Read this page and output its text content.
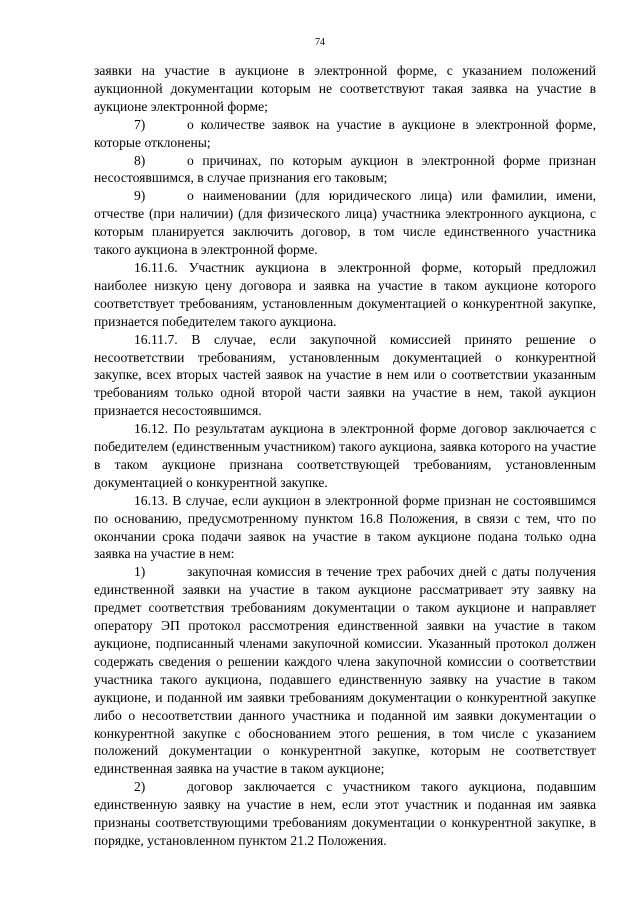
74

заявки на участие в аукционе в электронной форме, с указанием положений аукционной документации которым не соответствуют такая заявка на участие в аукционе электронной форме;

7)	о количестве заявок на участие в аукционе в электронной форме, которые отклонены;

8)	о причинах, по которым аукцион в электронной форме признан несостоявшимся, в случае признания его таковым;

9)	о наименовании (для юридического лица) или фамилии, имени, отчестве (при наличии) (для физического лица) участника электронного аукциона, с которым планируется заключить договор, в том числе единственного участника такого аукциона в электронной форме.

16.11.6. Участник аукциона в электронной форме, который предложил наиболее низкую цену договора и заявка на участие в таком аукционе которого соответствует требованиям, установленным документацией о конкурентной закупке, признается победителем такого аукциона.

16.11.7. В случае, если закупочной комиссией принято решение о несоответствии требованиям, установленным документацией о конкурентной закупке, всех вторых частей заявок на участие в нем или о соответствии указанным требованиям только одной второй части заявки на участие в нем, такой аукцион признается несостоявшимся.

16.12. По результатам аукциона в электронной форме договор заключается с победителем (единственным участником) такого аукциона, заявка которого на участие в таком аукционе признана соответствующей требованиям, установленным документацией о конкурентной закупке.

16.13. В случае, если аукцион в электронной форме признан не состоявшимся по основанию, предусмотренному пунктом 16.8 Положения, в связи с тем, что по окончании срока подачи заявок на участие в таком аукционе подана только одна заявка на участие в нем:

1)	закупочная комиссия в течение трех рабочих дней с даты получения единственной заявки на участие в таком аукционе рассматривает эту заявку на предмет соответствия требованиям документации о таком аукционе и направляет оператору ЭП протокол рассмотрения единственной заявки на участие в таком аукционе, подписанный членами закупочной комиссии. Указанный протокол должен содержать сведения о решении каждого члена закупочной комиссии о соответствии участника такого аукциона, подавшего единственную заявку на участие в таком аукционе, и поданной им заявки требованиям документации о конкурентной закупке либо о несоответствии данного участника и поданной им заявки документации о конкурентной закупке с обоснованием этого решения, в том числе с указанием положений документации о конкурентной закупке, которым не соответствует единственная заявка на участие в таком аукционе;

2)	договор заключается с участником такого аукциона, подавшим единственную заявку на участие в нем, если этот участник и поданная им заявка признаны соответствующими требованиям документации о конкурентной закупке, в порядке, установленном пунктом 21.2 Положения.
